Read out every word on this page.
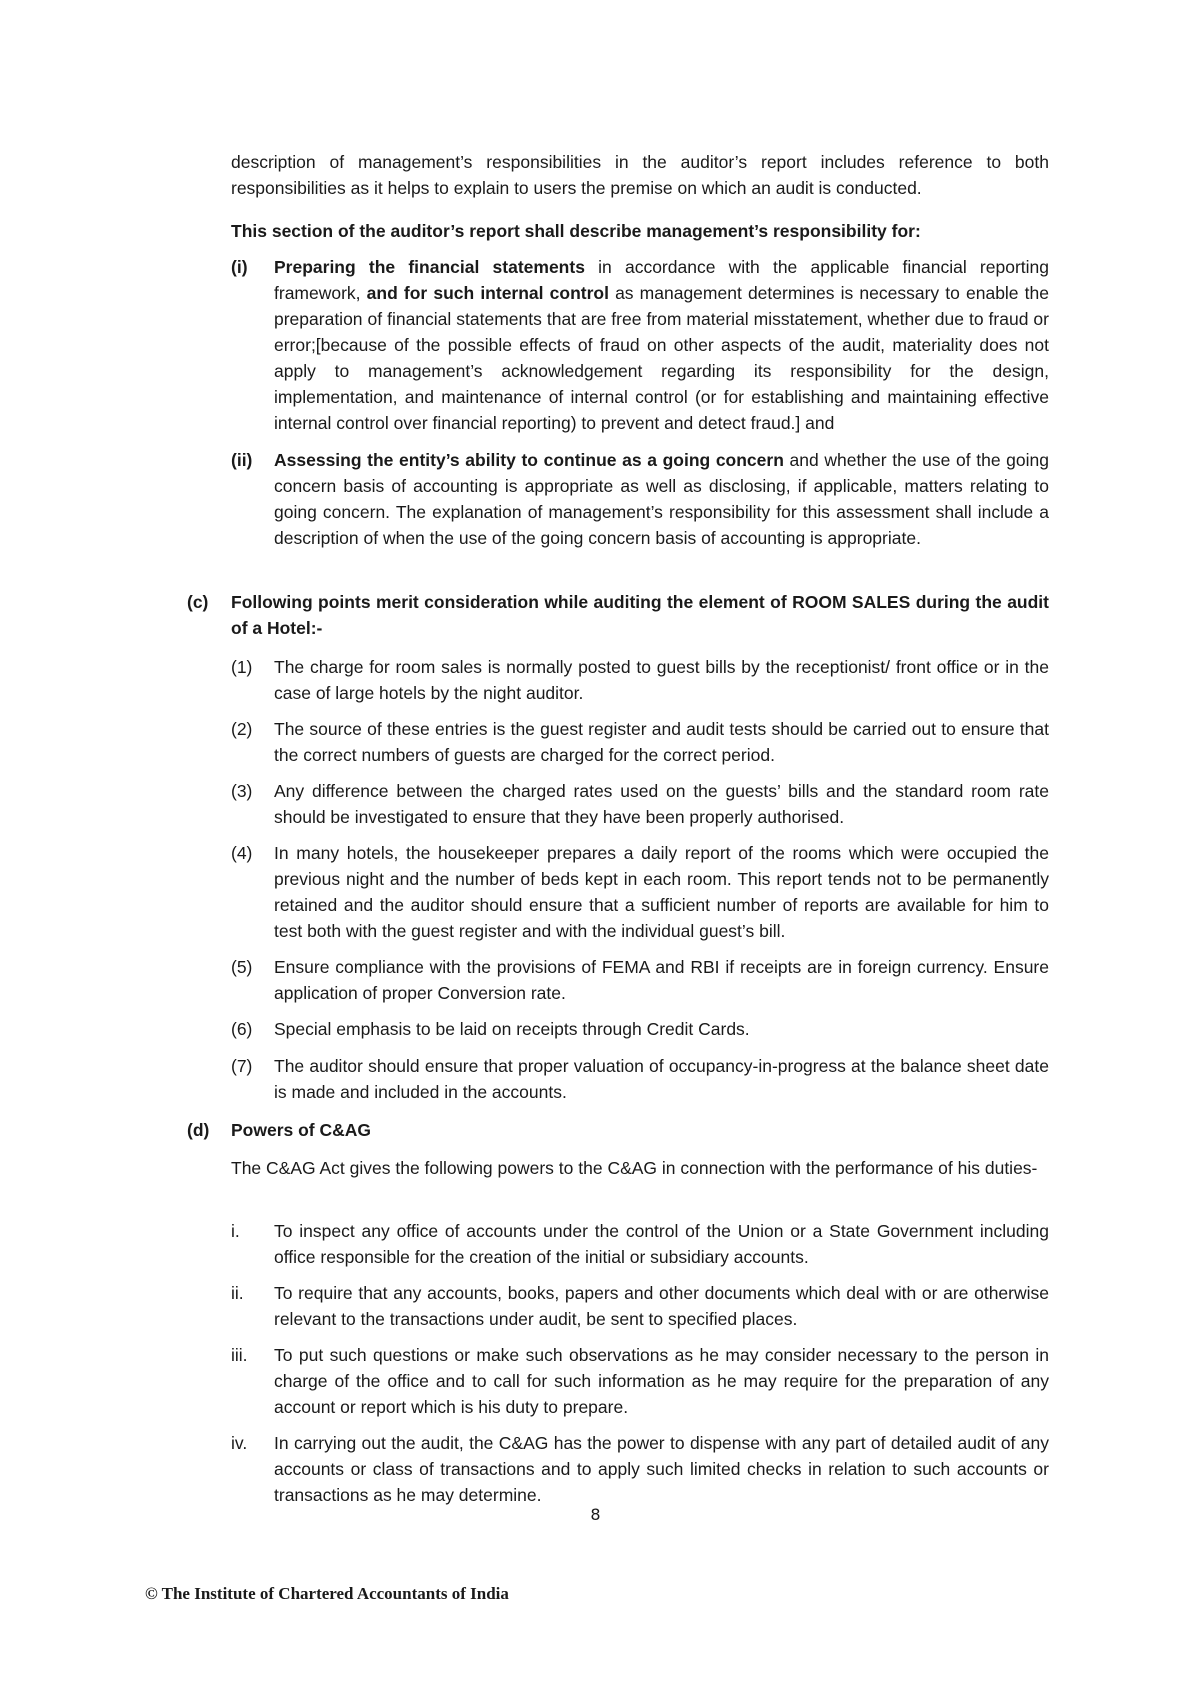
description of management’s responsibilities in the auditor’s report includes reference to both responsibilities as it helps to explain to users the premise on which an audit is conducted.

This section of the auditor’s report shall describe management’s responsibility for:

(i) Preparing the financial statements in accordance with the applicable financial reporting framework, and for such internal control as management determines is necessary to enable the preparation of financial statements that are free from material misstatement, whether due to fraud or error;[because of the possible effects of fraud on other aspects of the audit, materiality does not apply to management’s acknowledgement regarding its responsibility for the design, implementation, and maintenance of internal control (or for establishing and maintaining effective internal control over financial reporting) to prevent and detect fraud.] and

(ii) Assessing the entity’s ability to continue as a going concern and whether the use of the going concern basis of accounting is appropriate as well as disclosing, if applicable, matters relating to going concern. The explanation of management’s responsibility for this assessment shall include a description of when the use of the going concern basis of accounting is appropriate.

(c) Following points merit consideration while auditing the element of ROOM SALES during the audit of a Hotel:-

(1) The charge for room sales is normally posted to guest bills by the receptionist/ front office or in the case of large hotels by the night auditor.

(2) The source of these entries is the guest register and audit tests should be carried out to ensure that the correct numbers of guests are charged for the correct period.

(3) Any difference between the charged rates used on the guests’ bills and the standard room rate should be investigated to ensure that they have been properly authorised.

(4) In many hotels, the housekeeper prepares a daily report of the rooms which were occupied the previous night and the number of beds kept in each room. This report tends not to be permanently retained and the auditor should ensure that a sufficient number of reports are available for him to test both with the guest register and with the individual guest’s bill.

(5) Ensure compliance with the provisions of FEMA and RBI if receipts are in foreign currency. Ensure application of proper Conversion rate.

(6) Special emphasis to be laid on receipts through Credit Cards.

(7) The auditor should ensure that proper valuation of occupancy-in-progress at the balance sheet date is made and included in the accounts.

(d) Powers of C&AG

The C&AG Act gives the following powers to the C&AG in connection with the performance of his duties-

i. To inspect any office of accounts under the control of the Union or a State Government including office responsible for the creation of the initial or subsidiary accounts.

ii. To require that any accounts, books, papers and other documents which deal with or are otherwise relevant to the transactions under audit, be sent to specified places.

iii. To put such questions or make such observations as he may consider necessary to the person in charge of the office and to call for such information as he may require for the preparation of any account or report which is his duty to prepare.

iv. In carrying out the audit, the C&AG has the power to dispense with any part of detailed audit of any accounts or class of transactions and to apply such limited checks in relation to such accounts or transactions as he may determine.

8
© The Institute of Chartered Accountants of India
